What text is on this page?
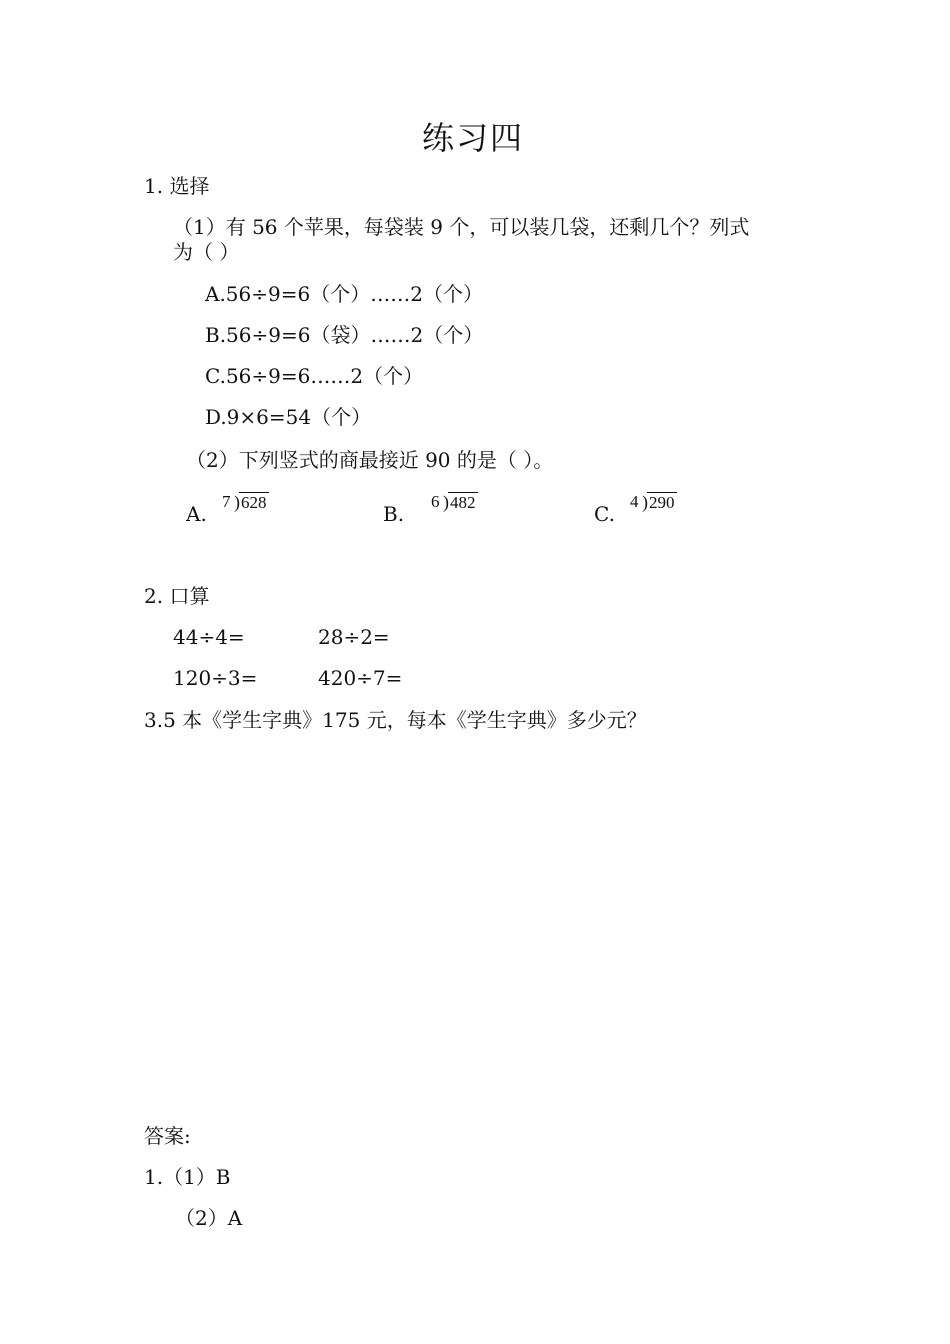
练习四
1. 选择
（1）有 56 个苹果，每袋装 9 个，可以装几袋，还剩几个？列式
为（ ）
A.56÷9=6（个）……2（个）
B.56÷9=6（袋）……2（个）
C.56÷9=6……2（个）
D.9×6=54（个）
（2）下列竖式的商最接近 90 的是（ ）。
A.
7 ) 628	B.
6 ) 482	C.
4 ) 290
2. 口算
44÷4=	28÷2=
120÷3=	420÷7=
3.5 本《学生字典》175 元，每本《学生字典》多少元？
答案:
1.（1）B
（2）A
